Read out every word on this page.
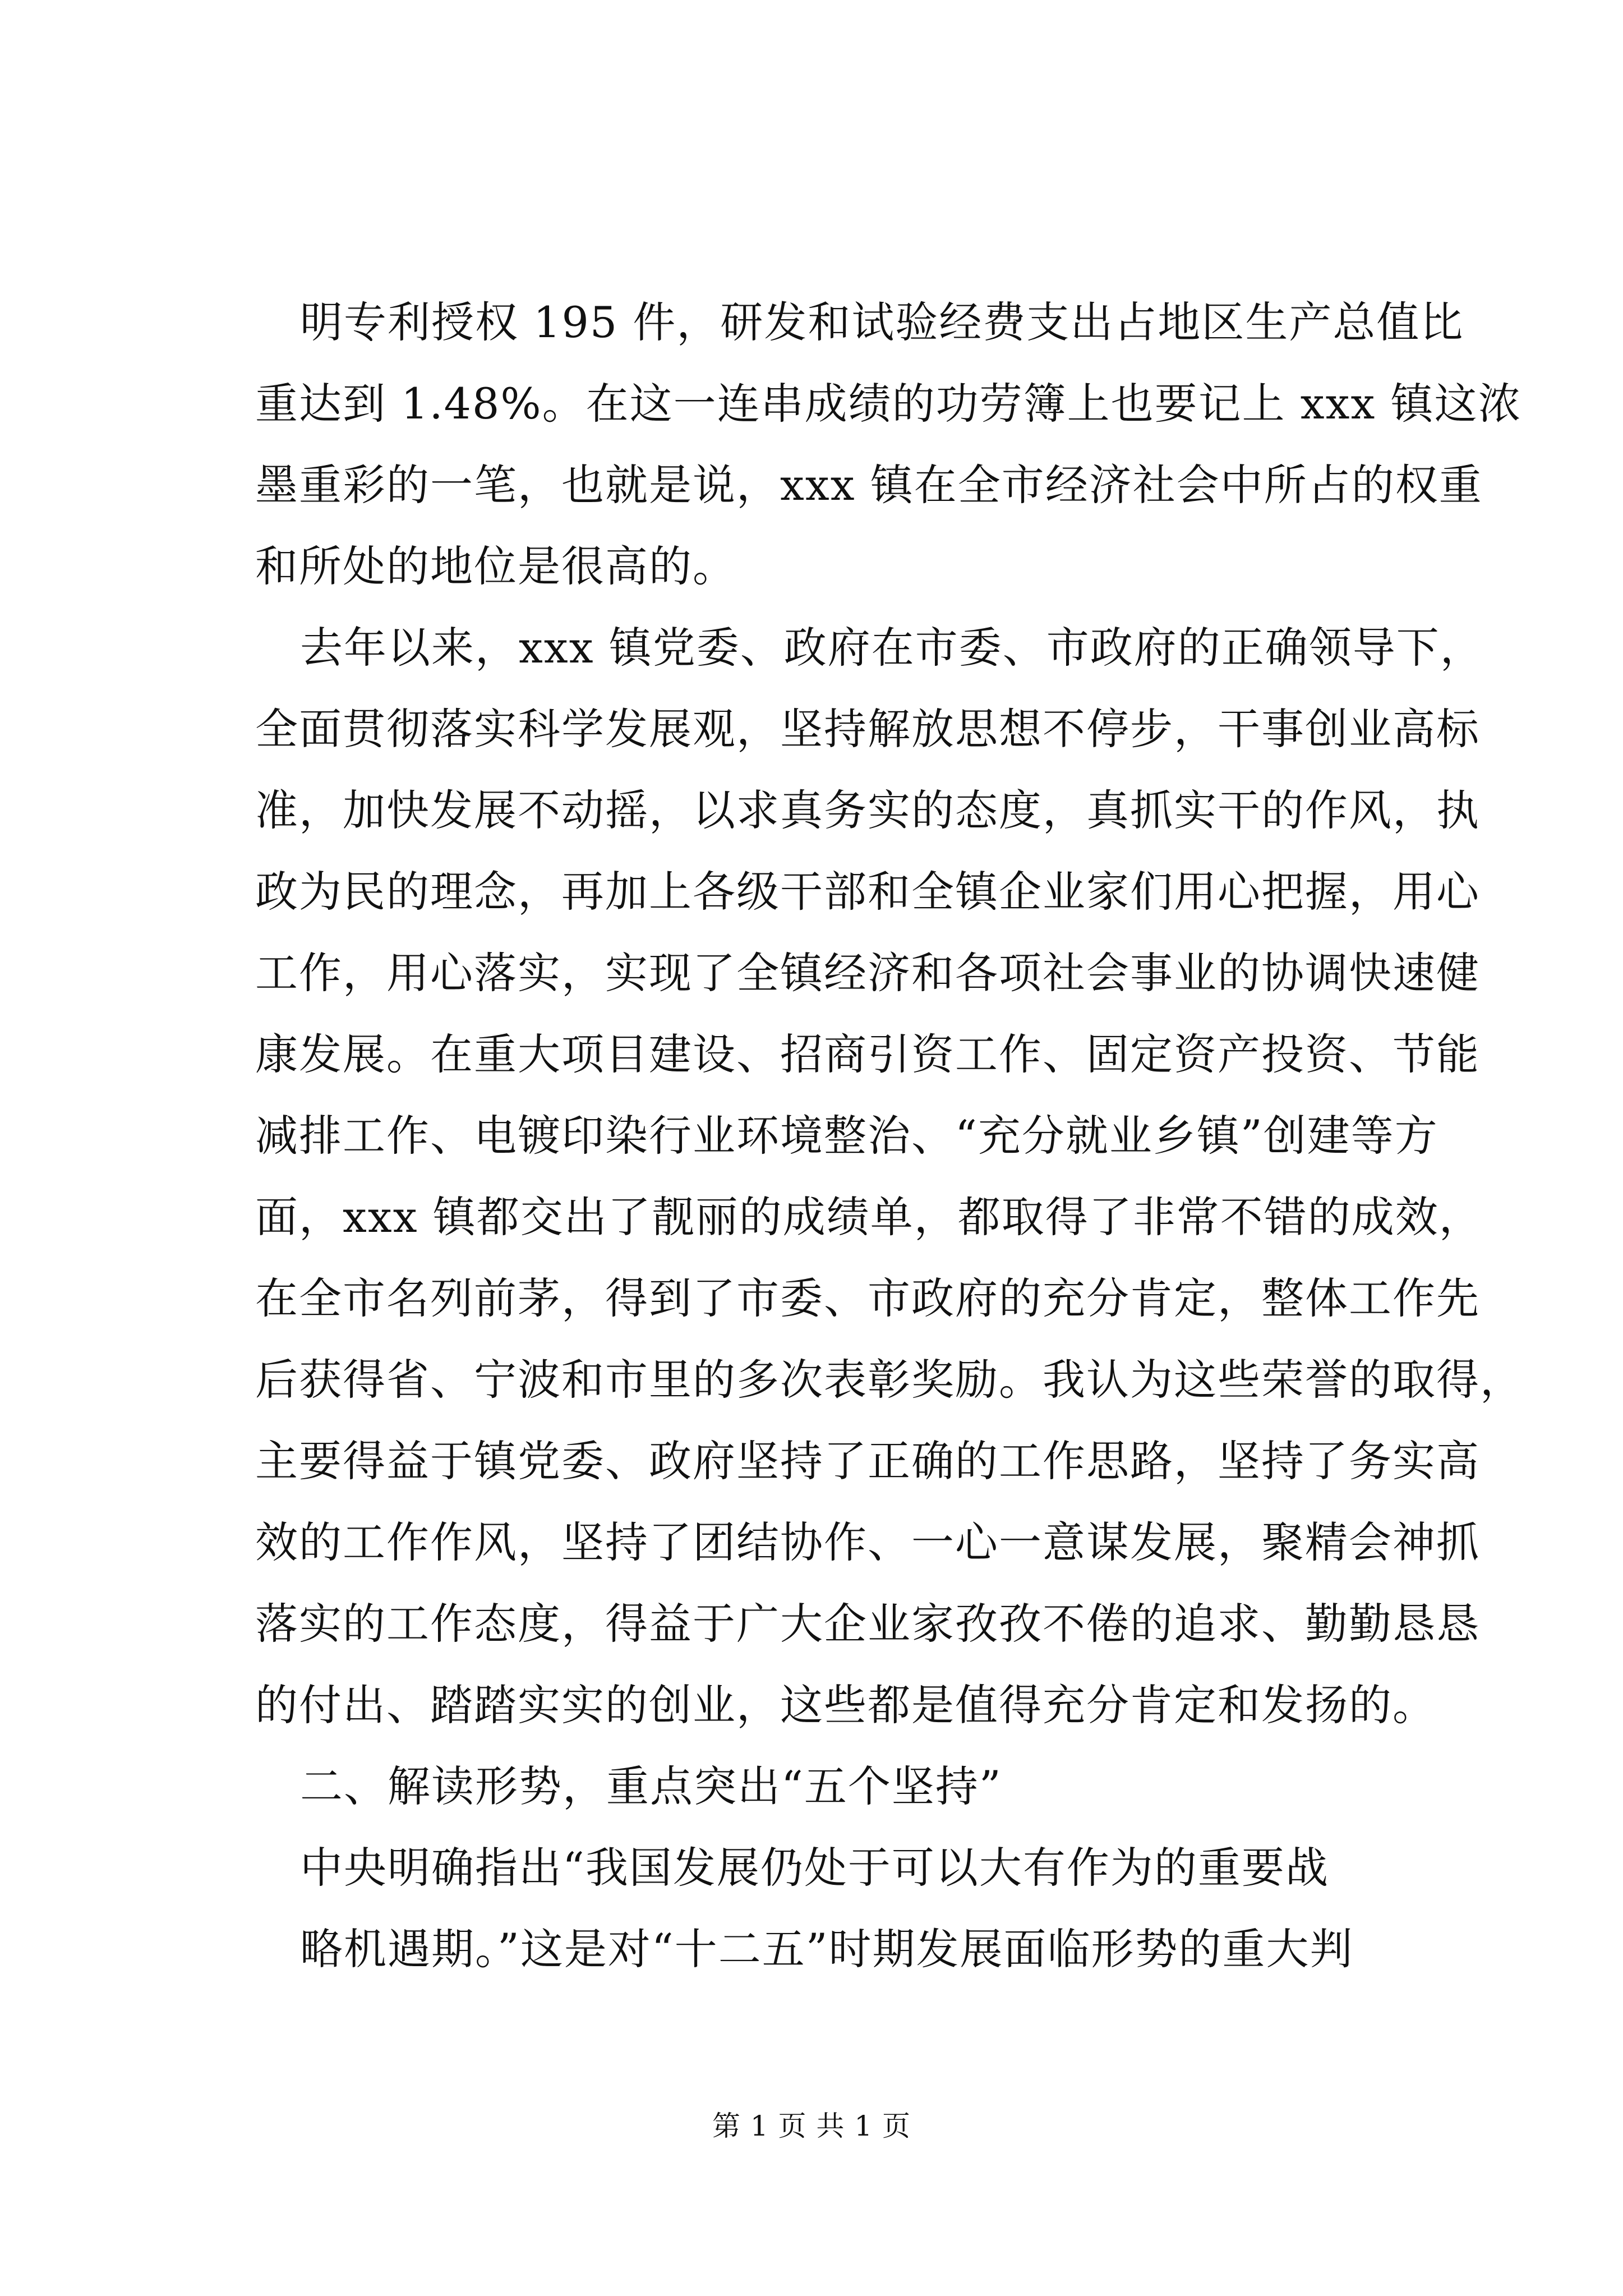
明专利授权 195 件，研发和试验经费支出占地区生产总值比
重达到 1.48%。在这一连串成绩的功劳簿上也要记上 xxx 镇这浓
墨重彩的一笔，也就是说，xxx 镇在全市经济社会中所占的权重
和所处的地位是很高的。
去年以来，xxx 镇党委、政府在市委、市政府的正确领导下，
全面贯彻落实科学发展观，坚持解放思想不停步，干事创业高标
准，加快发展不动摇，以求真务实的态度，真抓实干的作风，执
政为民的理念，再加上各级干部和全镇企业家们用心把握，用心
工作，用心落实，实现了全镇经济和各项社会事业的协调快速健
康发展。在重大项目建设、招商引资工作、固定资产投资、节能
减排工作、电镀印染行业环境整治、“充分就业乡镇”创建等方
面，xxx 镇都交出了靓丽的成绩单，都取得了非常不错的成效，
在全市名列前茅，得到了市委、市政府的充分肯定，整体工作先
后获得省、宁波和市里的多次表彰奖励。我认为这些荣誉的取得，
主要得益于镇党委、政府坚持了正确的工作思路，坚持了务实高
效的工作作风，坚持了团结协作、一心一意谋发展，聚精会神抓
落实的工作态度，得益于广大企业家孜孜不倦的追求、勤勤恳恳
的付出、踏踏实实的创业，这些都是值得充分肯定和发扬的。
二、解读形势，重点突出“五个坚持”
中央明确指出“我国发展仍处于可以大有作为的重要战
略机遇期。”这是对“十二五”时期发展面临形势的重大判
第 1 页 共 1 页
